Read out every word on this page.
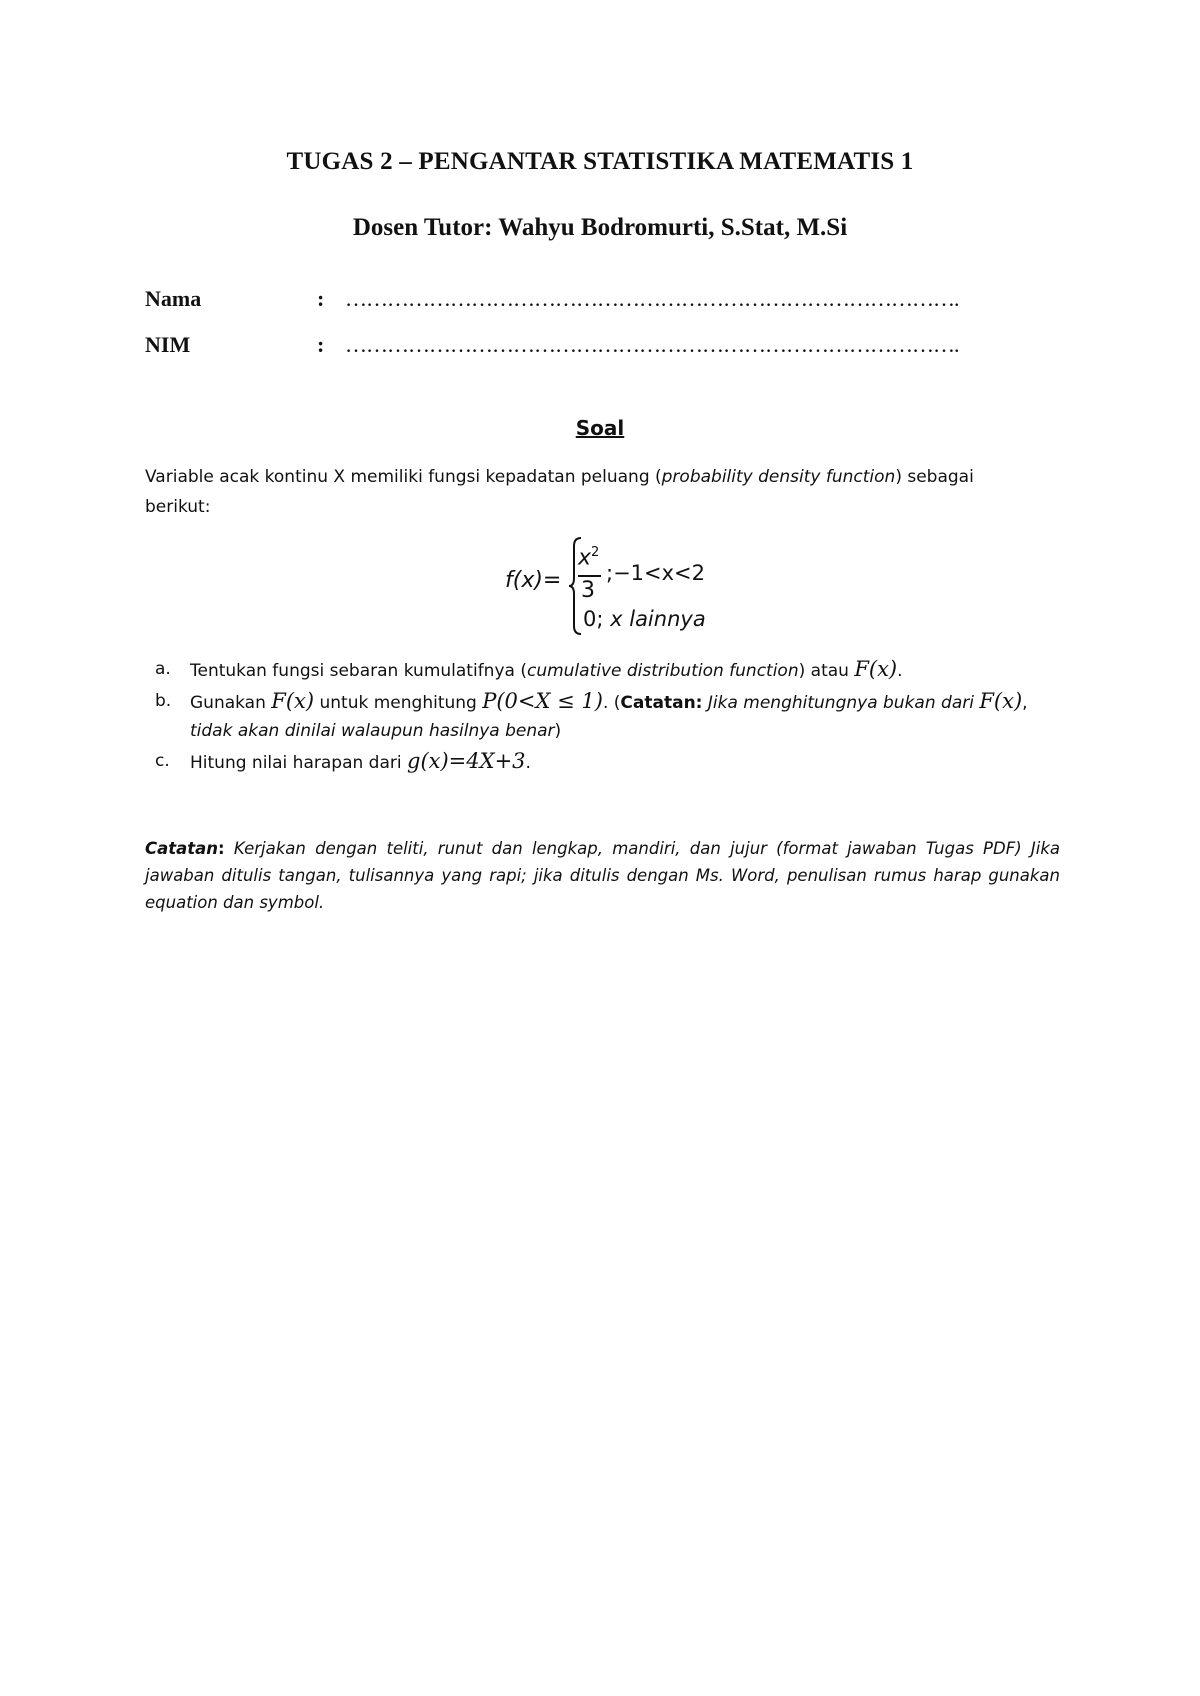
TUGAS 2 – PENGANTAR STATISTIKA MATEMATIS 1
Dosen Tutor: Wahyu Bodromurti, S.Stat, M.Si
Nama	: …………………………………………………………………………….
NIM	: …………………………………………………………………………….
Soal
Variable acak kontinu X memiliki fungsi kepadatan peluang (probability density function) sebagai
berikut:
f(x)=
$x^2$
3
;−1<x<2
0; x lainnya
a. Tentukan fungsi sebaran kumulatifnya (cumulative distribution function) atau F(x).
b. Gunakan F(x) untuk menghitung P(0<X ≤ 1). (Catatan: Jika menghitungnya bukan dari F(x),
tidak akan dinilai walaupun hasilnya benar)
c. Hitung nilai harapan dari g(x)=4X+3.
Catatan: Kerjakan dengan teliti, runut dan lengkap, mandiri, dan jujur (format jawaban Tugas PDF) Jika jawaban ditulis tangan, tulisannya yang rapi; jika ditulis dengan Ms. Word, penulisan rumus harap gunakan equation dan symbol.
